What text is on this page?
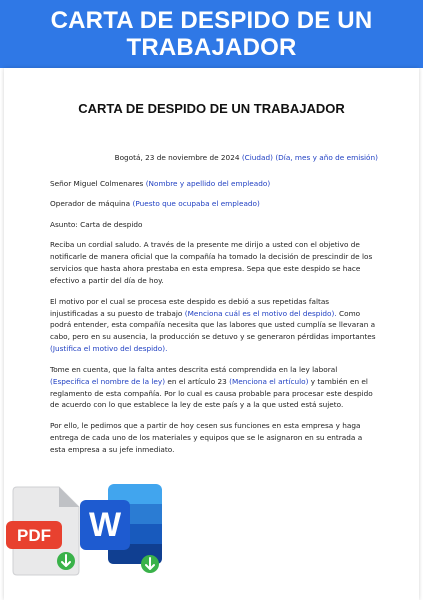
CARTA DE DESPIDO DE UN TRABAJADOR
CARTA DE DESPIDO DE UN TRABAJADOR

Bogotá, 23 de noviembre de 2024 (Ciudad) (Día, mes y año de emisión)

Señor Miguel Colmenares (Nombre y apellido del empleado)

Operador de máquina (Puesto que ocupaba el empleado)

Asunto: Carta de despido

Reciba un cordial saludo. A través de la presente me dirijo a usted con el objetivo de notificarle de manera oficial que la compañía ha tomado la decisión de prescindir de los servicios que hasta ahora prestaba en esta empresa. Sepa que este despido se hace efectivo a partir del día de hoy.

El motivo por el cual se procesa este despido es debió a sus repetidas faltas injustificadas a su puesto de trabajo (Menciona cuál es el motivo del despido). Como podrá entender, esta compañía necesita que las labores que usted cumplía se llevaran a cabo, pero en su ausencia, la producción se detuvo y se generaron pérdidas importantes (Justifica el motivo del despido).

Tome en cuenta, que la falta antes descrita está comprendida en la ley laboral (Especifica el nombre de la ley) en el artículo 23 (Menciona el artículo) y también en el reglamento de esta compañía. Por lo cual es causa probable para procesar este despido de acuerdo con lo que establece la ley de este país y a la que usted está sujeto.

Por ello, le pedimos que a partir de hoy cesen sus funciones en esta empresa y haga entrega de cada uno de los materiales y equipos que se le asignaron en su entrada a esta empresa a su jefe inmediato.

PDF W
